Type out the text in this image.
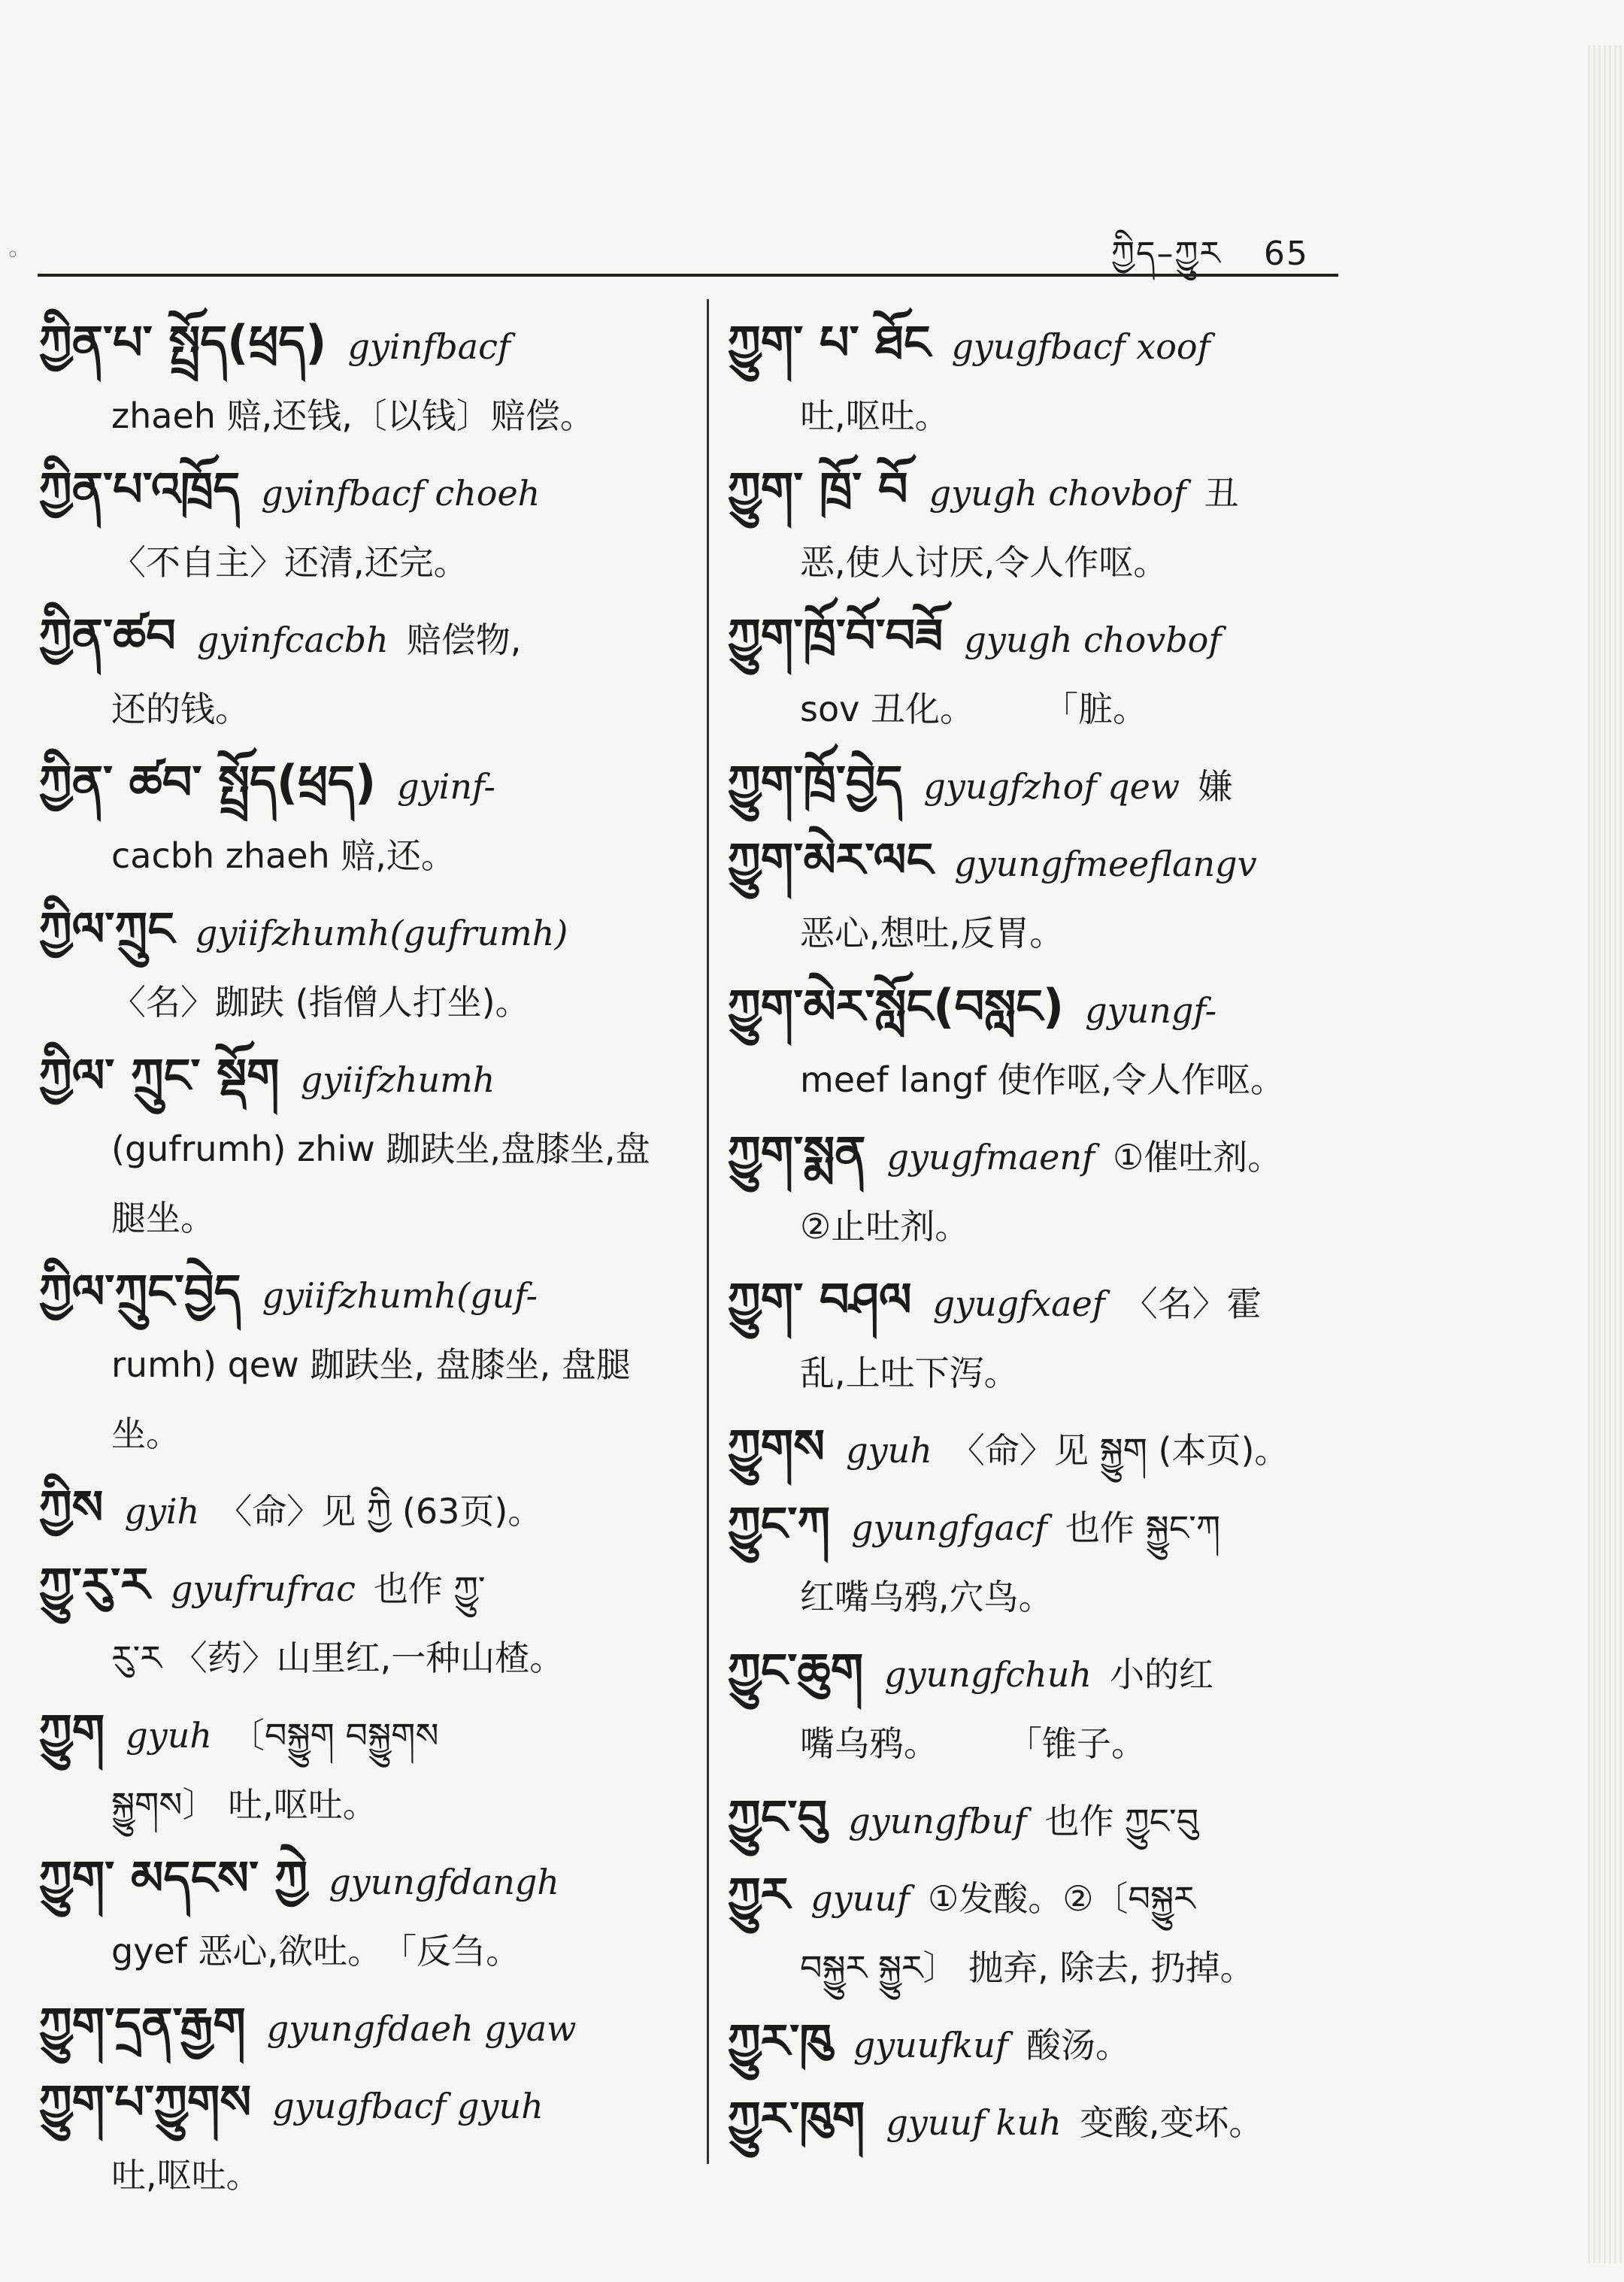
◦	ཀྱིད–ཀྱུར 65
ཀྱིན་པ་ སྤྲོད(ཕྲད) gyinfbacf
zhaeh 赔,还钱,〔以钱〕赔偿。
ཀྱིན་པ་འཁྲོད gyinfbacf choeh
〈不自主〉还清,还完。
ཀྱིན་ཚབ gyinfcacbh 赔偿物,
还的钱。
ཀྱིན་ ཚབ་ སྤྲོད(ཕྲད) gyinf-
cacbh zhaeh 赔,还。
ཀྱིལ་ཀྲུང gyiifzhumh(gufrumh)
〈名〉跏趺 (指僧人打坐)。
ཀྱིལ་ ཀྲུང་ སྡོག gyiifzhumh
(gufrumh) zhiw 跏趺坐,盘膝坐,盘腿坐。
ཀྱིལ་ཀྲུང་བྱེད gyiifzhumh(guf-
rumh) qew 跏趺坐, 盘膝坐, 盘腿坐。
ཀྱིས gyih 〈命〉见 ཀྱི (63页)。
ཀྱུ་རུ་ར gyufrufrac 也作 ཀྱུ་
རུ་ར 〈药〉山里红,一种山楂。
ཀྱུག gyuh 〔བསྐྱུག བསྐྱུགས
སྐྱུགས〕 吐,呕吐。
ཀྱུག་ མདངས་ ཀྱེ gyungfdangh
gyef 恶心,欲吐。　「反刍。
ཀྱུག་དྲན་རྒྱག gyungfdaeh gyaw
ཀྱུག་པ་ཀྱུགས gyugfbacf gyuh
吐,呕吐。
ཀྱུག་ པ་ ཐོང gyugfbacf xoof
吐,呕吐。
ཀྱུག་ ཁྲོ་ བོ gyugh chovbof 丑
恶,使人讨厌,令人作呕。
ཀྱུག་ཁྲོ་བོ་བཟོ gyugh chovbof
sov 丑化。　　　「脏。
ཀྱུག་ཁྲོ་བྱེད gyugfzhof qew 嫌
ཀྱུག་མེར་ལང gyungfmeeflangv
恶心,想吐,反胃。
ཀྱུག་མེར་སློང(བསླང) gyungf-
meef langf 使作呕,令人作呕。
ཀྱུག་སྨན gyugfmaenf ①催吐剂。
②止吐剂。
ཀྱུག་ བཤལ gyugfxaef 〈名〉霍
乱,上吐下泻。
ཀྱུགས gyuh 〈命〉见 སྐྱུག (本页)。
ཀྱུང་ཀ gyungfgacf 也作 སྐྱུང་ཀ
红嘴乌鸦,穴鸟。
ཀྱུང་ཆུག gyungfchuh 小的红
嘴乌鸦。　　　「锥子。
ཀྱུང་བུ gyungfbuf 也作 ཀྱུང་བུ
ཀྱུར gyuuf ①发酸。②〔བསྐྱུར
བསྐྱུར སྐྱུར〕 抛弃, 除去, 扔掉。
ཀྱུར་ཁུ gyuufkuf 酸汤。
ཀྱུར་ཁུག gyuuf kuh 变酸,变坏。
